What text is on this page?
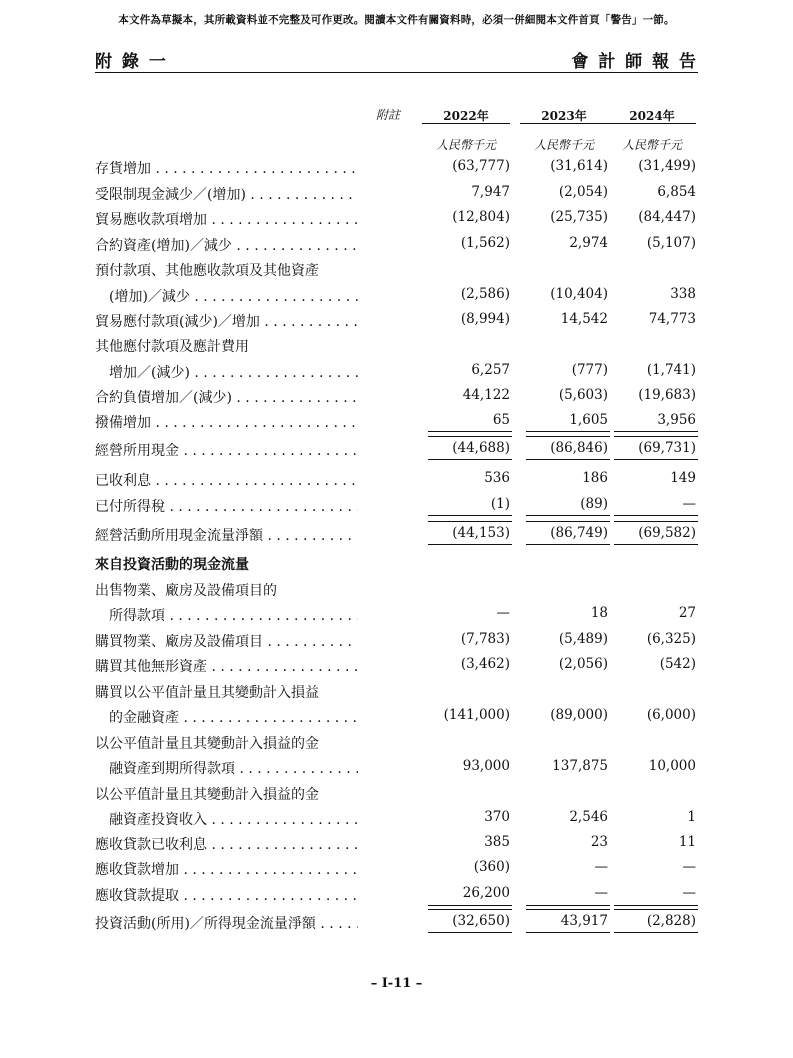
本文件為草擬本，其所載資料並不完整及可作更改。閱讀本文件有關資料時，必須一併細閱本文件首頁「警告」一節。
附 錄 一	會 計 師 報 告
附註	2022年	2023年	2024年
人民幣千元	人民幣千元	人民幣千元
存貨增加 . . .	(63,777)	(31,614)	(31,499)
受限制現金減少／(增加) . . .	7,947	(2,054)	6,854
貿易應收款項增加 . . .	(12,804)	(25,735)	(84,447)
合約資產(增加)／減少 . . .	(1,562)	2,974	(5,107)
預付款項、其他應收款項及其他資產
(增加)／減少 . . .	(2,586)	(10,404)	338
貿易應付款項(減少)／增加 . . .	(8,994)	14,542	74,773
其他應付款項及應計費用
增加／(減少) . . .	6,257	(777)	(1,741)
合約負債增加／(減少) . . .	44,122	(5,603)	(19,683)
撥備增加 . . .	65	1,605	3,956
經營所用現金 . . .	(44,688)	(86,846)	(69,731)
已收利息 . . .	536	186	149
已付所得稅 . . .	(1)	(89)	—
經營活動所用現金流量淨額 . . .	(44,153)	(86,749)	(69,582)
來自投資活動的現金流量
出售物業、廠房及設備項目的
所得款項 . . .	—	18	27
購買物業、廠房及設備項目 . . .	(7,783)	(5,489)	(6,325)
購買其他無形資產 . . .	(3,462)	(2,056)	(542)
購買以公平值計量且其變動計入損益
的金融資產 . . .	(141,000)	(89,000)	(6,000)
以公平值計量且其變動計入損益的金
融資產到期所得款項 . . .	93,000	137,875	10,000
以公平值計量且其變動計入損益的金
融資產投資收入 . . .	370	2,546	1
應收貸款已收利息 . . .	385	23	11
應收貸款增加 . . .	(360)	—	—
應收貸款提取 . . .	26,200	—	—
投資活動(所用)／所得現金流量淨額 . . .	(32,650)	43,917	(2,828)
– I-11 –
